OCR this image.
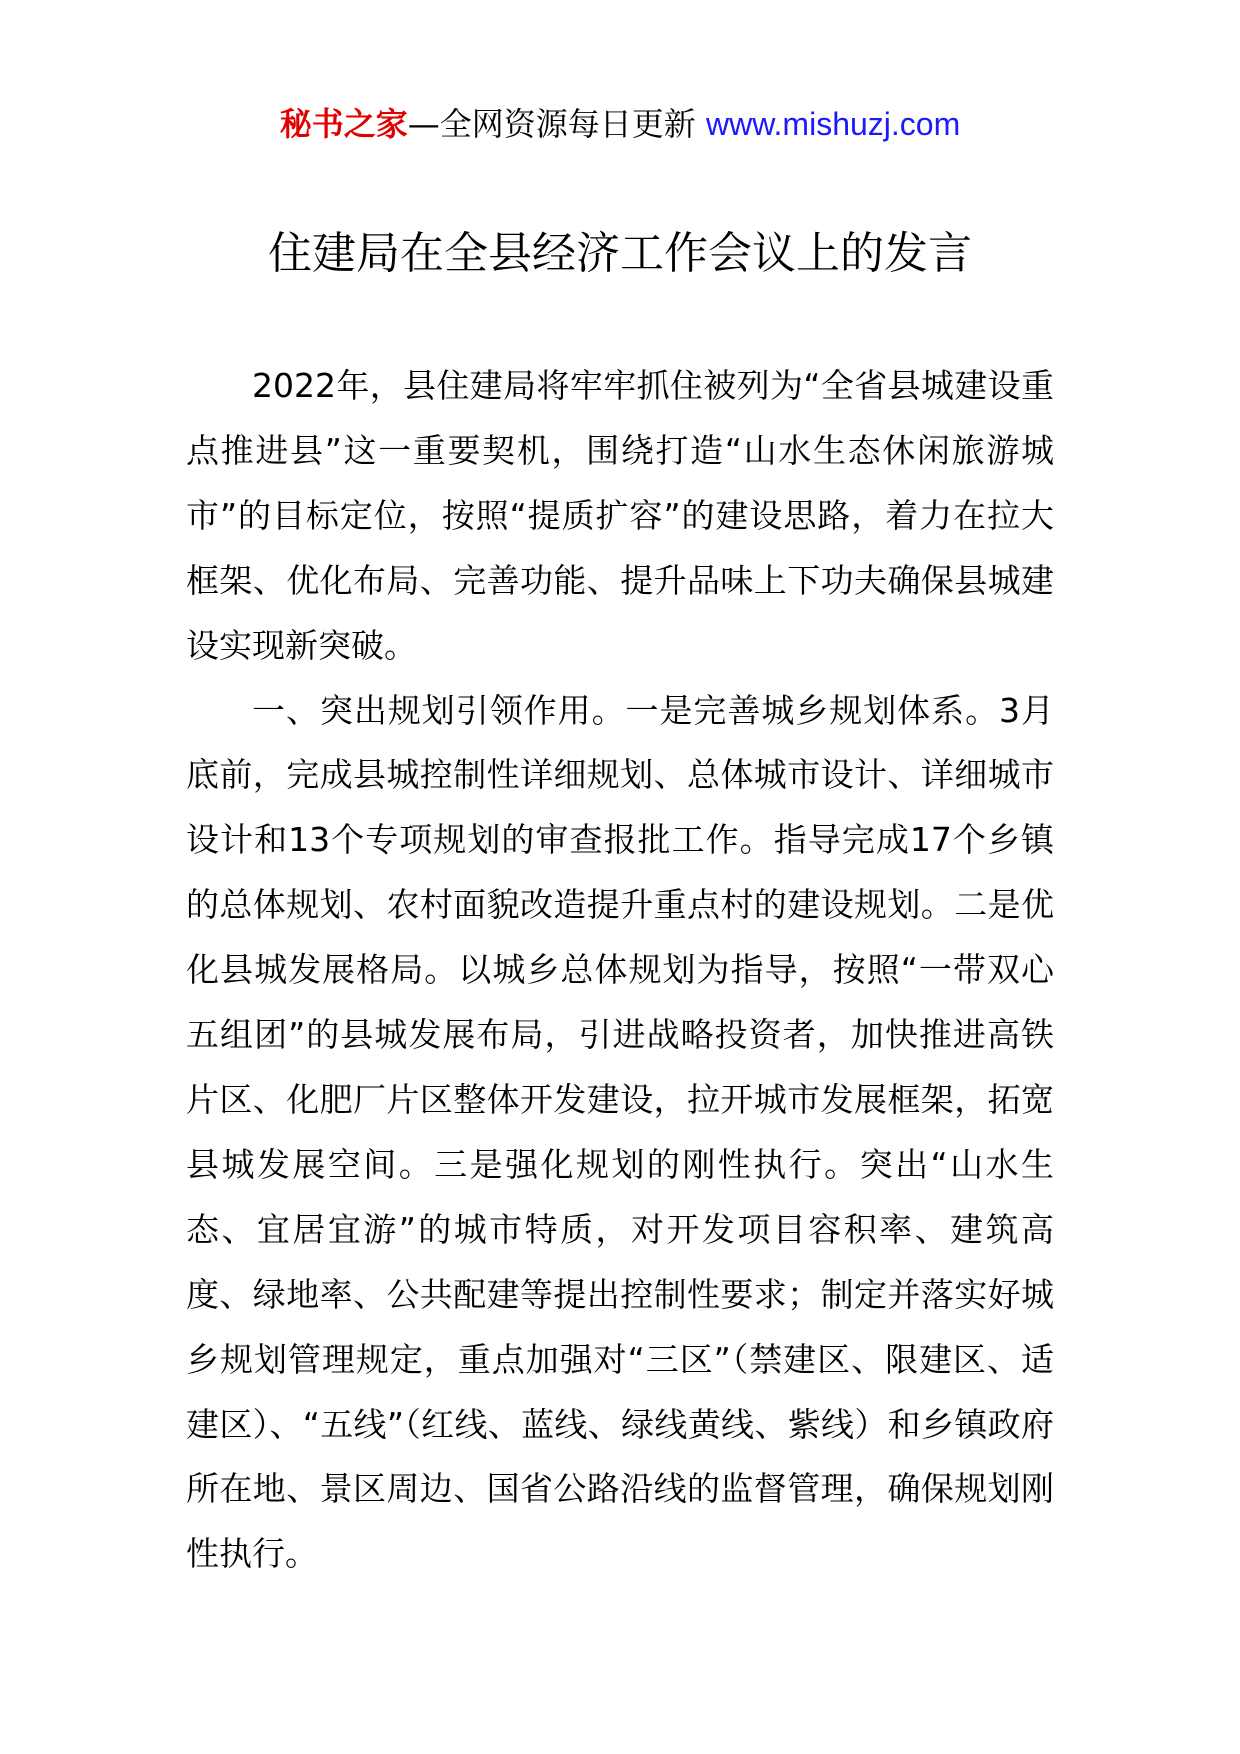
秘书之家—全网资源每日更新 www.mishuzj.com
住建局在全县经济工作会议上的发言

2022年，县住建局将牢牢抓住被列为“全省县城建设重点推进县”这一重要契机，围绕打造“山水生态休闲旅游城市”的目标定位，按照“提质扩容”的建设思路，着力在拉大框架、优化布局、完善功能、提升品味上下功夫确保县城建设实现新突破。

一、突出规划引领作用。一是完善城乡规划体系。3月底前，完成县城控制性详细规划、总体城市设计、详细城市设计和13个专项规划的审查报批工作。指导完成17个乡镇的总体规划、农村面貌改造提升重点村的建设规划。二是优化县城发展格局。以城乡总体规划为指导，按照“一带双心五组团”的县城发展布局，引进战略投资者，加快推进高铁片区、化肥厂片区整体开发建设，拉开城市发展框架，拓宽县城发展空间。三是强化规划的刚性执行。突出“山水生态、宜居宜游”的城市特质，对开发项目容积率、建筑高度、绿地率、公共配建等提出控制性要求；制定并落实好城乡规划管理规定，重点加强对“三区”（禁建区、限建区、适建区）、“五线”（红线、蓝线、绿线黄线、紫线）和乡镇政府所在地、景区周边、国省公路沿线的监督管理，确保规划刚性执行。
